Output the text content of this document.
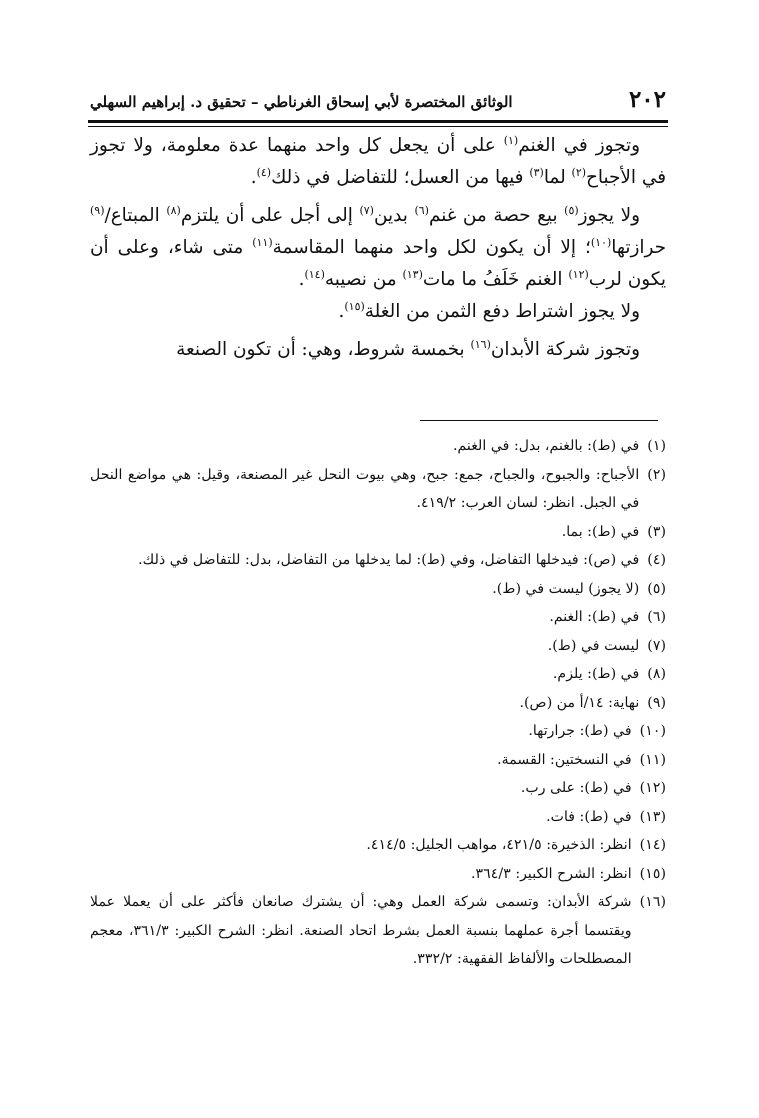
٢٠٢
الوثائق المختصرة لأبي إسحاق الغرناطي – تحقيق د. إبراهيم السهلي

وتجوز في الغنم$^{(١)}$ على أن يجعل كل واحد منهما عدة معلومة، ولا تجوز في الأجباح$^{(٢)}$ لما$^{(٣)}$ فيها من العسل؛ للتفاضل في ذلك$^{(٤)}$.

ولا يجوز$^{(٥)}$ بيع حصة من غنم$^{(٦)}$ بدين$^{(٧)}$ إلى أجل على أن يلتزم$^{(٨)}$ المبتاع/$^{(٩)}$ حرازتها$^{(١٠)}$؛ إلا أن يكون لكل واحد منهما المقاسمة$^{(١١)}$ متى شاء، وعلى أن يكون لرب$^{(١٢)}$ الغنم خَلَفُ ما مات$^{(١٣)}$ من نصيبه$^{(١٤)}$.

ولا يجوز اشتراط دفع الثمن من الغلة$^{(١٥)}$.

وتجوز شركة الأبدان$^{(١٦)}$ بخمسة شروط، وهي: أن تكون الصنعة

(١)
في (ط): بالغنم، بدل: في الغنم.
(٢)
الأجباح: والجبوح، والجباح، جمع: جبح، وهي بيوت النحل غير المصنعة، وقيل: هي مواضع النحل في الجبل. انظر: لسان العرب: ٤١٩/٢.
(٣)
في (ط): بما.
(٤)
في (ص): فيدخلها التفاضل، وفي (ط): لما يدخلها من التفاضل، بدل: للتفاضل في ذلك.
(٥)
(لا يجوز) ليست في (ط).
(٦)
في (ط): الغنم.
(٧)
ليست في (ط).
(٨)
في (ط): يلزم.
(٩)
نهاية: ١٤/أ من (ص).
(١٠)
في (ط): جرارتها.
(١١)
في النسختين: القسمة.
(١٢)
في (ط): على رب.
(١٣)
في (ط): فات.
(١٤)
انظر: الذخيرة: ٤٢١/٥، مواهب الجليل: ٤١٤/٥.
(١٥)
انظر: الشرح الكبير: ٣٦٤/٣.
(١٦)
شركة الأبدان: وتسمى شركة العمل وهي: أن يشترك صانعان فأكثر على أن يعملا عملا ويقتسما أجرة عملهما بنسبة العمل بشرط اتحاد الصنعة. انظر: الشرح الكبير: ٣٦١/٣، معجم المصطلحات والألفاظ الفقهية: ٣٣٢/٢.
